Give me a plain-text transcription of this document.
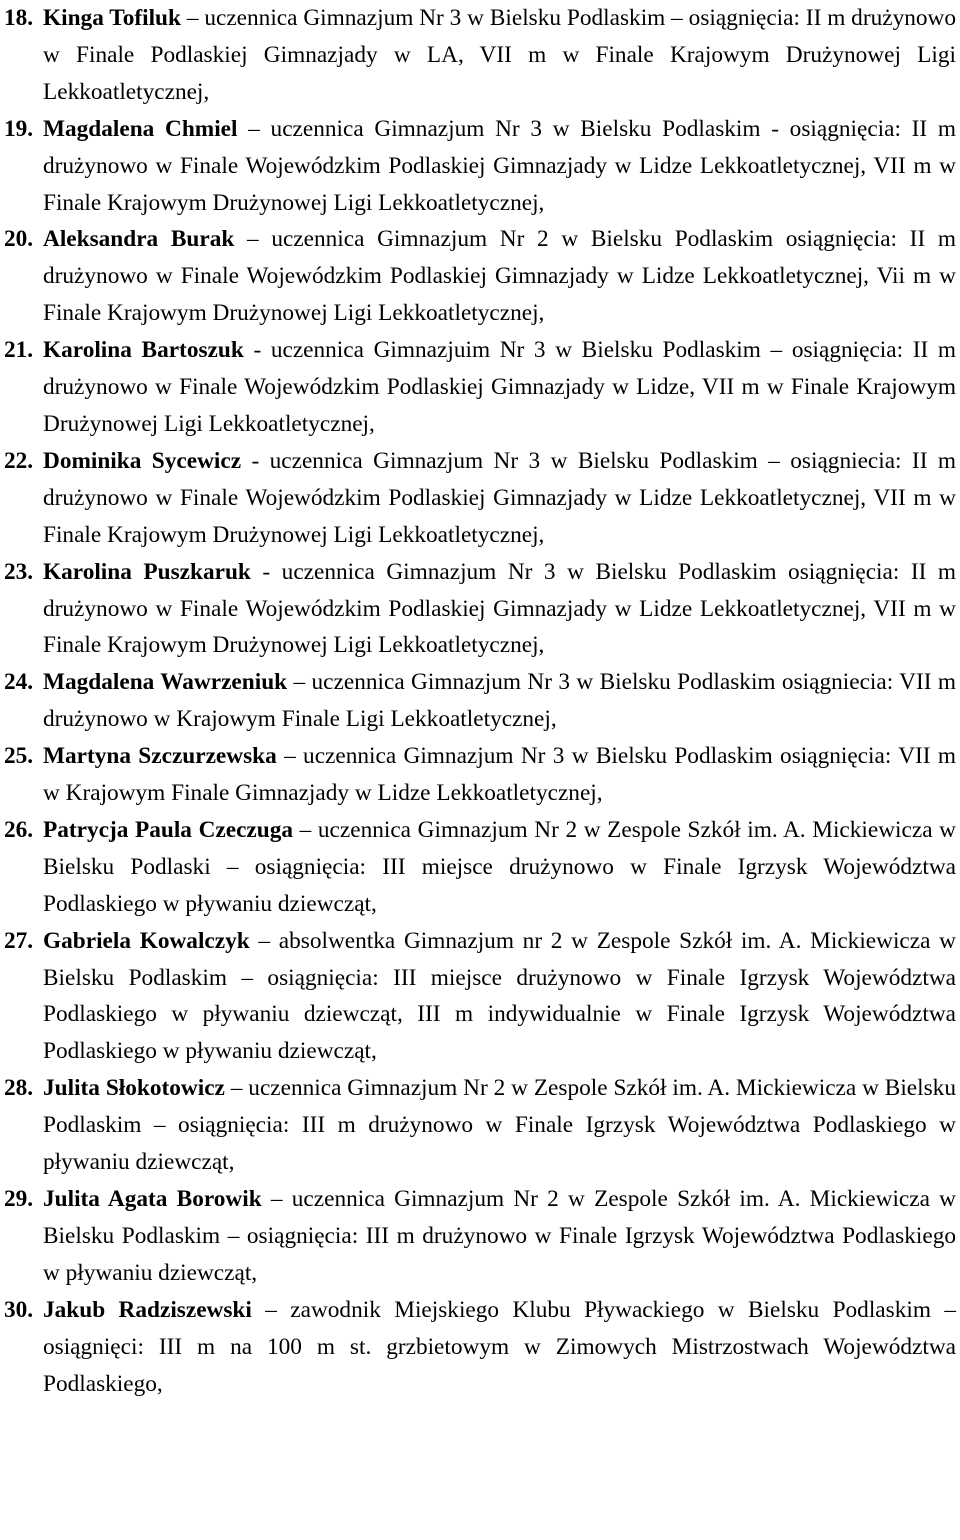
18. Kinga Tofiluk – uczennica Gimnazjum Nr 3 w Bielsku Podlaskim – osiągnięcia: II m drużynowo w Finale Podlaskiej Gimnazjady w LA, VII m w Finale Krajowym Drużynowej Ligi Lekkoatletycznej,
19. Magdalena Chmiel – uczennica Gimnazjum Nr 3 w Bielsku Podlaskim - osiągnięcia: II m drużynowo w Finale Wojewódzkim Podlaskiej Gimnazjady w Lidze Lekkoatletycznej, VII m w Finale Krajowym Drużynowej Ligi Lekkoatletycznej,
20. Aleksandra Burak – uczennica Gimnazjum Nr 2 w Bielsku Podlaskim osiągnięcia: II m drużynowo w Finale Wojewódzkim Podlaskiej Gimnazjady w Lidze Lekkoatletycznej, Vii m w Finale Krajowym Drużynowej Ligi Lekkoatletycznej,
21. Karolina Bartoszuk - uczennica Gimnazjuim Nr 3 w Bielsku Podlaskim – osiągnięcia: II m drużynowo w Finale Wojewódzkim Podlaskiej Gimnazjady w Lidze, VII m w Finale Krajowym Drużynowej Ligi Lekkoatletycznej,
22. Dominika Sycewicz - uczennica Gimnazjum Nr 3 w Bielsku Podlaskim – osiągniecia: II m drużynowo w Finale Wojewódzkim Podlaskiej Gimnazjady w Lidze Lekkoatletycznej, VII m w Finale Krajowym Drużynowej Ligi Lekkoatletycznej,
23. Karolina Puszkaruk - uczennica Gimnazjum Nr 3 w Bielsku Podlaskim osiągnięcia: II m drużynowo w Finale Wojewódzkim Podlaskiej Gimnazjady w Lidze Lekkoatletycznej, VII m w Finale Krajowym Drużynowej Ligi Lekkoatletycznej,
24. Magdalena Wawrzeniuk – uczennica Gimnazjum Nr 3 w Bielsku Podlaskim osiągniecia: VII m drużynowo w Krajowym Finale Ligi Lekkoatletycznej,
25. Martyna Szczurzewska – uczennica Gimnazjum Nr 3 w Bielsku Podlaskim osiągnięcia: VII m w Krajowym Finale Gimnazjady w Lidze Lekkoatletycznej,
26. Patrycja Paula Czeczuga – uczennica Gimnazjum Nr 2 w Zespole Szkół im. A. Mickiewicza w Bielsku Podlaski – osiągnięcia: III miejsce drużynowo w Finale Igrzysk Województwa Podlaskiego w pływaniu dziewcząt,
27. Gabriela Kowalczyk – absolwentka Gimnazjum nr 2 w Zespole Szkół im. A. Mickiewicza w Bielsku Podlaskim – osiągnięcia: III miejsce drużynowo w Finale Igrzysk Województwa Podlaskiego w pływaniu dziewcząt, III m indywidualnie w Finale Igrzysk Województwa Podlaskiego w pływaniu dziewcząt,
28. Julita Słokotowicz – uczennica Gimnazjum Nr 2 w Zespole Szkół im. A. Mickiewicza w Bielsku Podlaskim – osiągnięcia: III m drużynowo w Finale Igrzysk Województwa Podlaskiego w pływaniu dziewcząt,
29. Julita Agata Borowik – uczennica Gimnazjum Nr 2 w Zespole Szkół im. A. Mickiewicza w Bielsku Podlaskim – osiągnięcia: III m drużynowo w Finale Igrzysk Województwa Podlaskiego w pływaniu dziewcząt,
30. Jakub Radziszewski – zawodnik Miejskiego Klubu Pływackiego w Bielsku Podlaskim – osiągnięci: III m na 100 m st. grzbietowym w Zimowych Mistrzostwach Województwa Podlaskiego,
